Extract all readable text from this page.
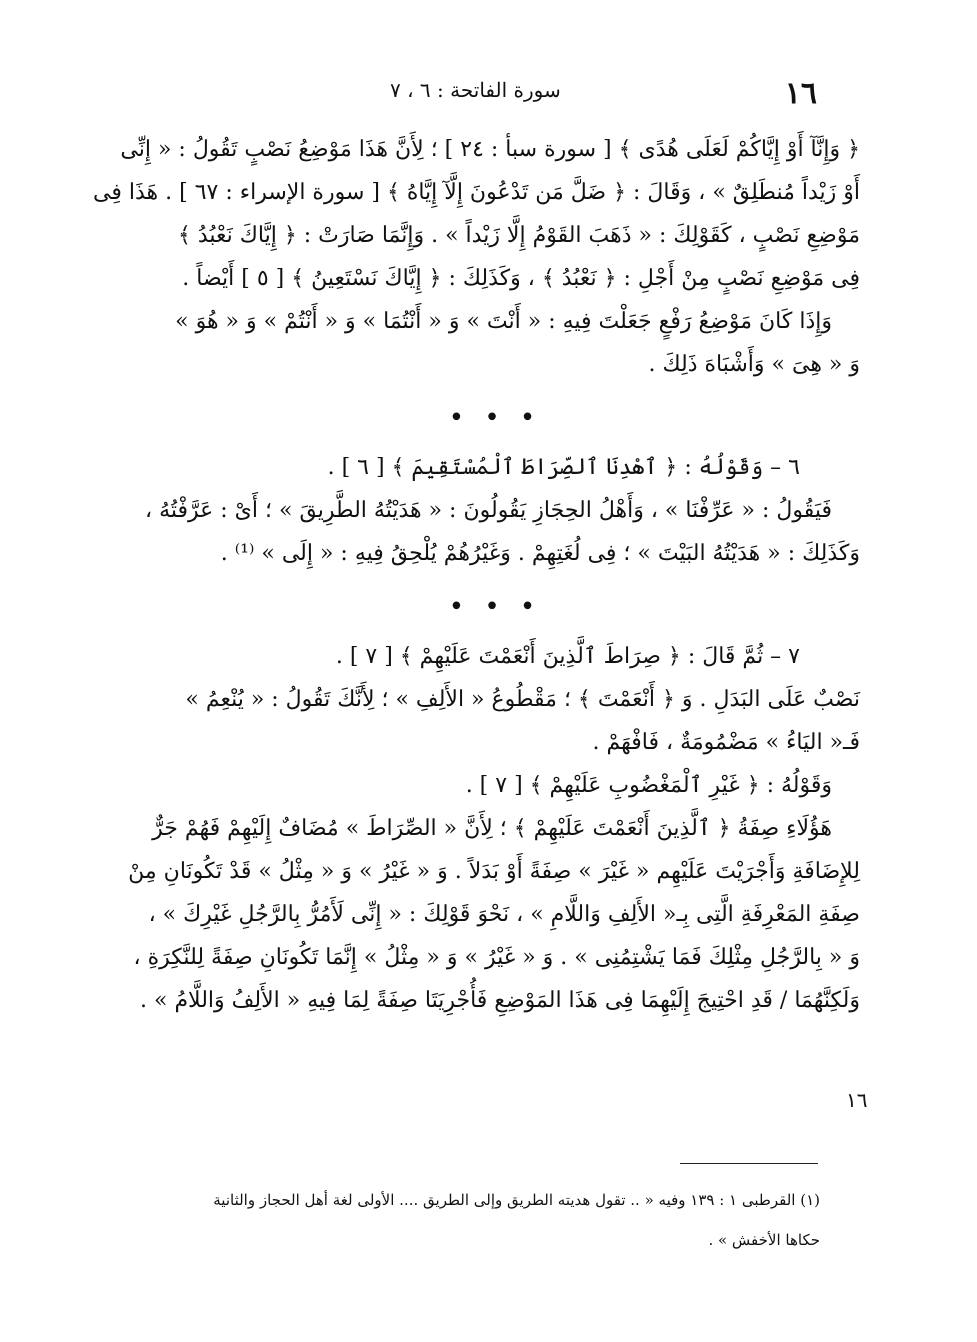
١٦
سورة الفاتحة : ٦ ، ٧
﴿ وَإِنَّآ أَوْ إِيَّاكُمْ لَعَلَى هُدًى ﴾ [ سورة سبأ : ٢٤ ] ؛ لِأَنَّ هَذَا مَوْضِعُ نَصْبٍ تَقُولُ : « إِنِّى
أَوْ زَيْداً مُنطَلِقٌ » ، وَقَالَ : ﴿ ضَلَّ مَن تَدْعُونَ إِلَّآ إِيَّاهُ ﴾ [ سورة الإسراء : ٦٧ ] . هَذَا فِى
مَوْضِعِ نَصْبٍ ، كَقَوْلِكَ : « ذَهَبَ القَوْمُ إِلَّا زَيْداً » . وَإِنَّمَا صَارَتْ : ﴿ إِيَّاكَ نَعْبُدُ ﴾
فِى مَوْضِعِ نَصْبٍ مِنْ أَجْلِ : ﴿ نَعْبُدُ ﴾ ، وَكَذَلِكَ : ﴿ إِيَّاكَ نَسْتَعِينُ ﴾ [ ٥ ] أَيْضاً .
وَإِذَا كَانَ مَوْضِعُ رَفْعٍ جَعَلْتَ فِيهِ : « أَنْتَ » وَ « أَنْتُمَا » وَ « أَنْتُمْ » وَ « هُوَ »
وَ « هِىَ » وَأَشْبَاهَ ذَلِكَ .
• • •
٦ – وَقَوْلُهُ : ﴿ ٱهْدِنَا ٱلصِّرَاطَ ٱلْمُسْتَقِيمَ ﴾ [ ٦ ] .
فَيَقُولُ : « عَرِّفْنَا » ، وَأَهْلُ الحِجَازِ يَقُولُونَ : « هَدَيْتُهُ الطَّرِيقَ » ؛ أَىْ : عَرَّفْتُهُ ،
وَكَذَلِكَ : « هَدَيْتُهُ البَيْتَ » ؛ فِى لُغَتِهِمْ . وَغَيْرُهُمْ يُلْحِقُ فِيهِ : « إِلَى » ⁽¹⁾ .
• • •
٧ – ثُمَّ قَالَ : ﴿ صِرَاطَ ٱلَّذِينَ أَنْعَمْتَ عَلَيْهِمْ ﴾ [ ٧ ] .
نَصْبٌ عَلَى البَدَلِ . وَ ﴿ أَنْعَمْتَ ﴾ ؛ مَقْطُوعُ « الأَلِفِ » ؛ لِأَنَّكَ تَقُولُ : « يُنْعِمُ »
فَـ« اليَاءُ » مَضْمُومَةٌ ، فَافْهَمْ .
وَقَوْلُهُ : ﴿ غَيْرِ ٱلْمَغْضُوبِ عَلَيْهِمْ ﴾ [ ٧ ] .
هَؤُلَاءِ صِفَةُ ﴿ ٱلَّذِينَ أَنْعَمْتَ عَلَيْهِمْ ﴾ ؛ لِأَنَّ « الصِّرَاطَ » مُضَافٌ إِلَيْهِمْ فَهُمْ جَرٌّ
لِلإِضَافَةِ وَأَجْرَيْتَ عَلَيْهِم « غَيْرَ » صِفَةً أَوْ بَدَلاً . وَ « غَيْرُ » وَ « مِثْلُ » قَدْ تَكُونَانِ مِنْ
صِفَةِ المَعْرِفَةِ الَّتِى بِـ« الأَلِفِ وَاللَّامِ » ، نَحْوَ قَوْلِكَ : « إِنِّى لَأَمُرُّ بِالرَّجُلِ غَيْرِكَ » ،
وَ « بِالرَّجُلِ مِثْلِكَ فَمَا يَشْتِمُنِى » . وَ « غَيْرُ » وَ « مِثْلُ » إِنَّمَا تَكُونَانِ صِفَةً لِلنَّكِرَةِ ،
وَلَكِنَّهُمَا / قَدِ احْتِيجَ إِلَيْهِمَا فِى هَذَا المَوْضِعِ فَأُجْرِيَتَا صِفَةً لِمَا فِيهِ « الأَلِفُ وَاللَّامُ » .
١٦
(١) القرطبى ١ : ١٣٩ وفيه « .. تقول هديته الطريق وإلى الطريق .... الأولى لغة أهل الحجاز والثانية
حكاها الأخفش » .
